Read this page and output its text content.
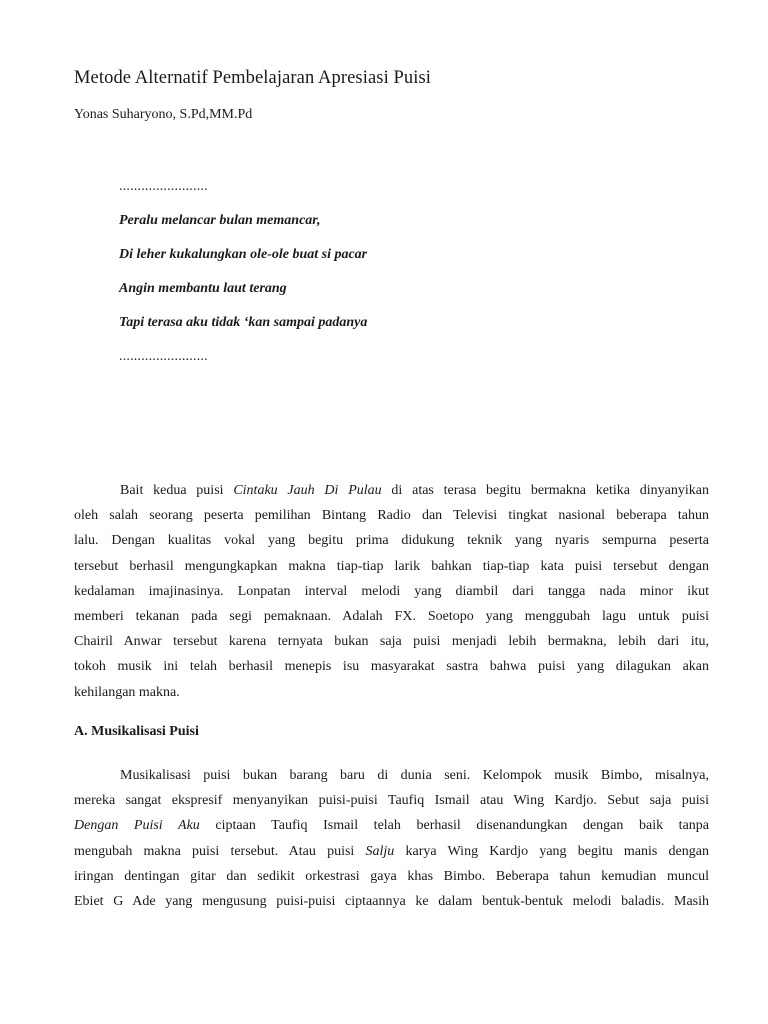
Metode Alternatif Pembelajaran Apresiasi Puisi
Yonas Suharyono, S.Pd,MM.Pd
........................
Peralu melancar bulan memancar,
Di leher kukalungkan ole-ole buat si pacar
Angin membantu laut terang
Tapi terasa aku tidak ‘kan sampai padanya
........................
Bait kedua puisi Cintaku Jauh Di Pulau di atas terasa begitu bermakna ketika dinyanyikan
oleh salah seorang peserta pemilihan Bintang Radio dan Televisi tingkat nasional beberapa tahun
lalu. Dengan kualitas vokal yang begitu prima didukung teknik yang nyaris sempurna peserta
tersebut berhasil mengungkapkan makna tiap-tiap larik bahkan tiap-tiap kata puisi tersebut dengan
kedalaman imajinasinya. Lonpatan interval melodi yang diambil dari tangga nada minor ikut
memberi tekanan pada segi pemaknaan. Adalah FX. Soetopo yang menggubah lagu untuk puisi
Chairil Anwar tersebut karena ternyata bukan saja puisi menjadi lebih bermakna, lebih dari itu,
tokoh musik ini telah berhasil menepis isu masyarakat sastra bahwa puisi yang dilagukan akan
kehilangan makna.
A. Musikalisasi Puisi
Musikalisasi puisi bukan barang baru di dunia seni. Kelompok musik Bimbo, misalnya,
mereka sangat ekspresif menyanyikan puisi-puisi Taufiq Ismail atau Wing Kardjo. Sebut saja puisi
Dengan Puisi Aku ciptaan Taufiq Ismail telah berhasil disenandungkan dengan baik tanpa
mengubah makna puisi tersebut. Atau puisi Salju karya Wing Kardjo yang begitu manis dengan
iringan dentingan gitar dan sedikit orkestrasi gaya khas Bimbo. Beberapa tahun kemudian muncul
Ebiet G Ade yang mengusung puisi-puisi ciptaannya ke dalam bentuk-bentuk melodi baladis. Masih
